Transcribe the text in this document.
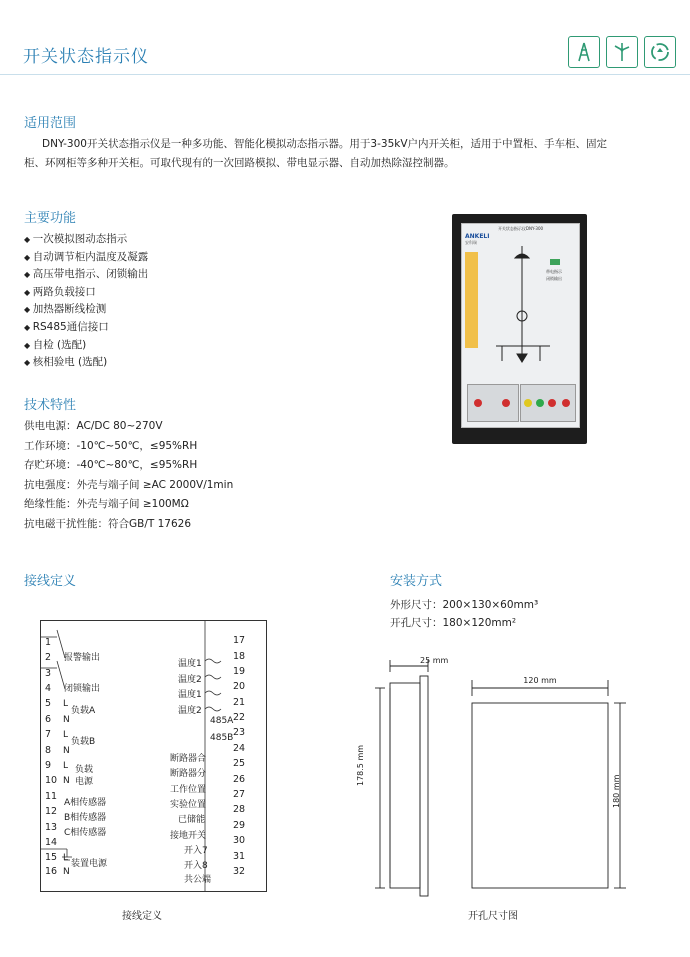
开关状态指示仪
适用范围
DNY-300开关状态指示仪是一种多功能、智能化模拟动态指示器。用于3-35kV户内开关柜，适用于中置柜、手车柜、固定
柜、环网柜等多种开关柜。可取代现有的一次回路模拟、带电显示器、自动加热除湿控制器。
主要功能
◆ 一次模拟图动态指示
◆ 自动调节柜内温度及凝露
◆ 高压带电指示、闭锁输出
◆ 两路负载接口
◆ 加热器断线检测
◆ RS485通信接口
◆ 自检 (选配)
◆ 核相验电 (选配)
技术特性
供电电源：AC/DC 80~270V
工作环境：-10℃~50℃，≤95%RH
存贮环境：-40℃~80℃，≤95%RH
抗电强度：外壳与端子间 ≥AC 2000V/1min
绝缘性能：外壳与端子间 ≥100MΩ
抗电磁干扰性能：符合GB/T 17626
开关状态指示仪DNY-300
ANKELI
安科瑞
带电指示
闭锁输出
接线定义
1
2
3
4
5
6
7
8
9
10
11
12
13
14
15
16
报警输出
闭锁输出
L
负载A
N
L
负载B
N
L 负载
N 电源
A相传感器
B相传感器
C相传感器
L
装置电源
N
17
18
19
20
21
22
23
24
25
26
27
28
29
30
31
32
温度1
温度2
温度1
温度2
485A
485B
断路器合
断路器分
工作位置
实验位置
已储能
接地开关
开入7
开入8
共公端
接线定义
安装方式
外形尺寸：200×130×60mm³
开孔尺寸：180×120mm²
25 mm
120 mm
178.5 mm
180 mm
开孔尺寸图
